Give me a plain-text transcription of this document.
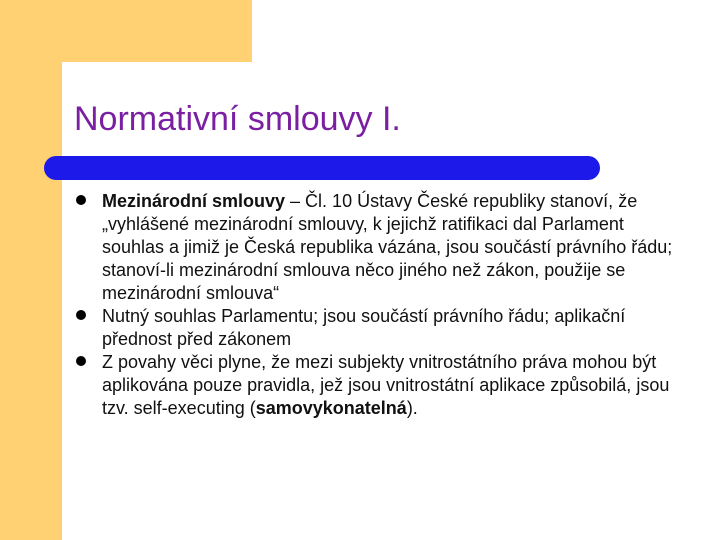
Normativní smlouvy I.
Mezinárodní smlouvy – Čl. 10 Ústavy České republiky stanoví, že „vyhlášené mezinárodní smlouvy, k jejichž ratifikaci dal Parlament souhlas a jimiž je Česká republika vázána, jsou součástí právního řádu; stanoví-li mezinárodní smlouva něco jiného než zákon, použije se mezinárodní smlouva“
Nutný souhlas Parlamentu; jsou součástí právního řádu; aplikační přednost před zákonem
Z povahy věci plyne, že mezi subjekty vnitrostátního práva mohou být aplikována pouze pravidla, jež jsou vnitrostátní aplikace způsobilá, jsou tzv. self-executing (samovykonatelná).
